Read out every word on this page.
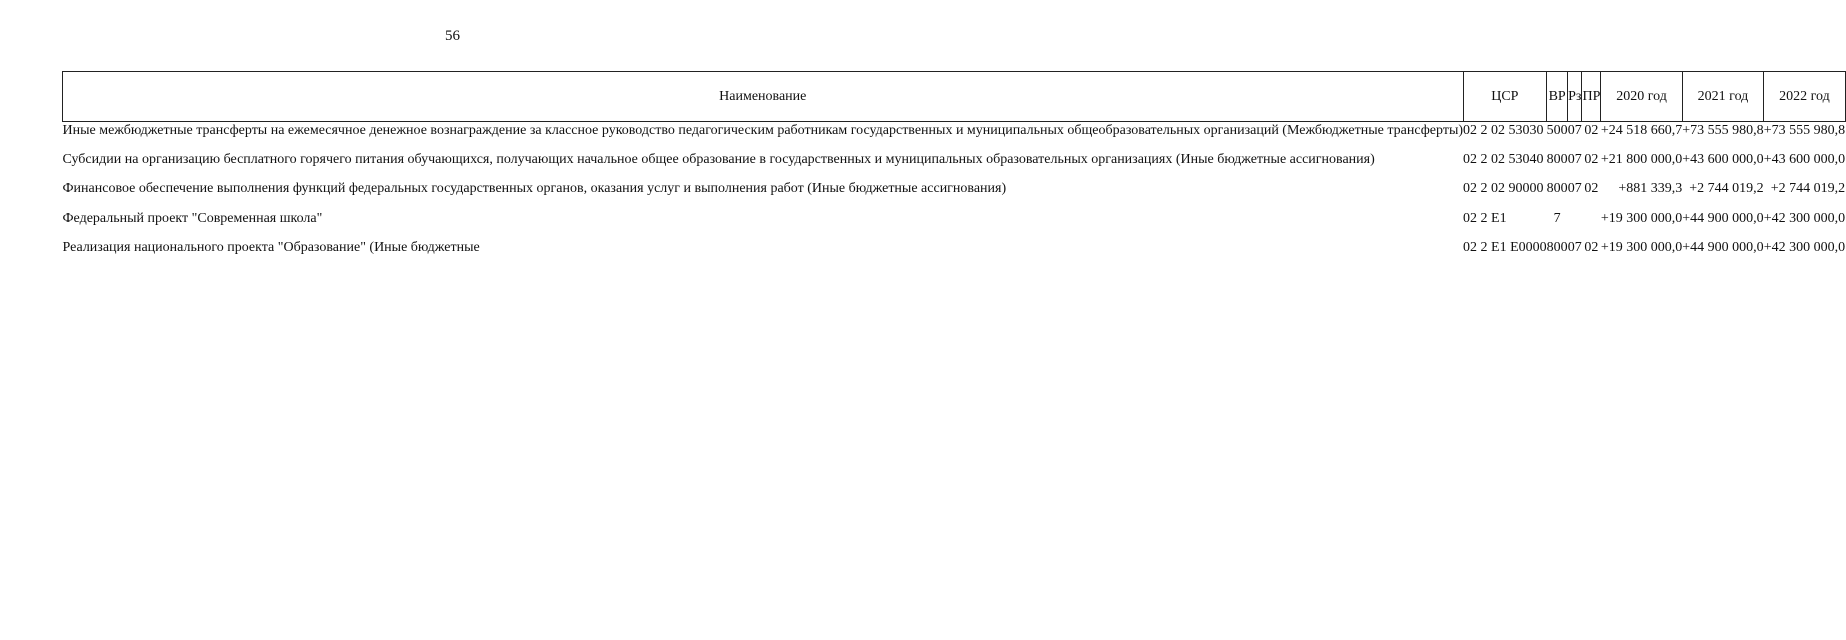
56
Наименование	ЦСР	ВР	Рз	ПР	2020 год	2021 год	2022 год
Иные межбюджетные трансферты на ежемесячное денежное вознаграждение за классное руководство педагогическим работникам государственных и муниципальных общеобразовательных организаций (Межбюджетные трансферты)	02 2 02 53030	500	07	02	+24 518 660,7	+73 555 980,8	+73 555 980,8

Субсидии на организацию бесплатного горячего питания обучающихся, получающих начальное общее образование в государственных и муниципальных образовательных организациях (Иные бюджетные ассигнования)	02 2 02 53040	800	07	02	+21 800 000,0	+43 600 000,0	+43 600 000,0

Финансовое обеспечение выполнения функций федеральных государственных органов, оказания услуг и выполнения работ (Иные бюджетные ассигнования)	02 2 02 90000	800	07	02	+881 339,3	+2 744 019,2	+2 744 019,2

Федеральный проект "Современная школа"	02 2 E1	7			+19 300 000,0	+44 900 000,0	+42 300 000,0

Реализация национального проекта "Образование" (Иные бюджетные	02 2 E1 E0000	800	07	02	+19 300 000,0	+44 900 000,0	+42 300 000,0
